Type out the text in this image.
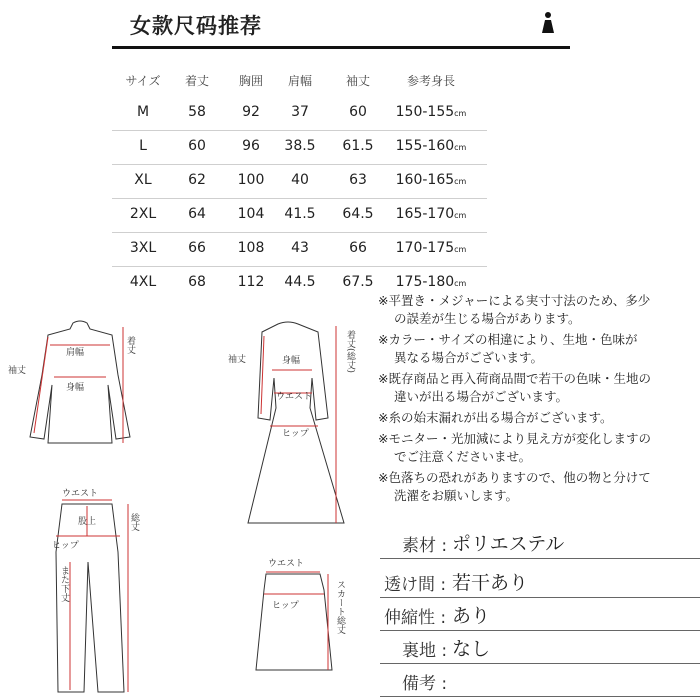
女款尺码推荐
サイズ 着丈 胸囲 肩幅	袖丈	参考身長
M	58	92 37	60 150-155cm
L	60	96 38.5 61.5 155-160cm
XL	62 100 40	63 160-165cm
2XL 64 104 41.5 64.5 165-170cm
3XL 66 108 43	66 170-175cm
4XL 68 112 44.5 67.5 175-180cm
袖丈
肩幅
身幅
着丈
袖丈	身幅
ウエスト
ヒップ
着丈(総丈)
ウエスト
股上
ヒップ
また下丈
総丈
ウエスト
ヒップ	スカート総丈
※平置き・メジャーによる実寸寸法のため、多少
の誤差が生じる場合があります。
※カラー・サイズの相違により、生地・色味が
異なる場合がございます。
※既存商品と再入荷商品間で若干の色味・生地の
違いが出る場合がございます。
※糸の始末漏れが出る場合がございます。
※モニター・光加減により見え方が変化しますの
でご注意くださいませ。
※色落ちの恐れがありますので、他の物と分けて
洗濯をお願いします。
素材 : ポリエステル
透け間 : 若干あり
伸縮性 : あり
裏地 : なし
備考 :
